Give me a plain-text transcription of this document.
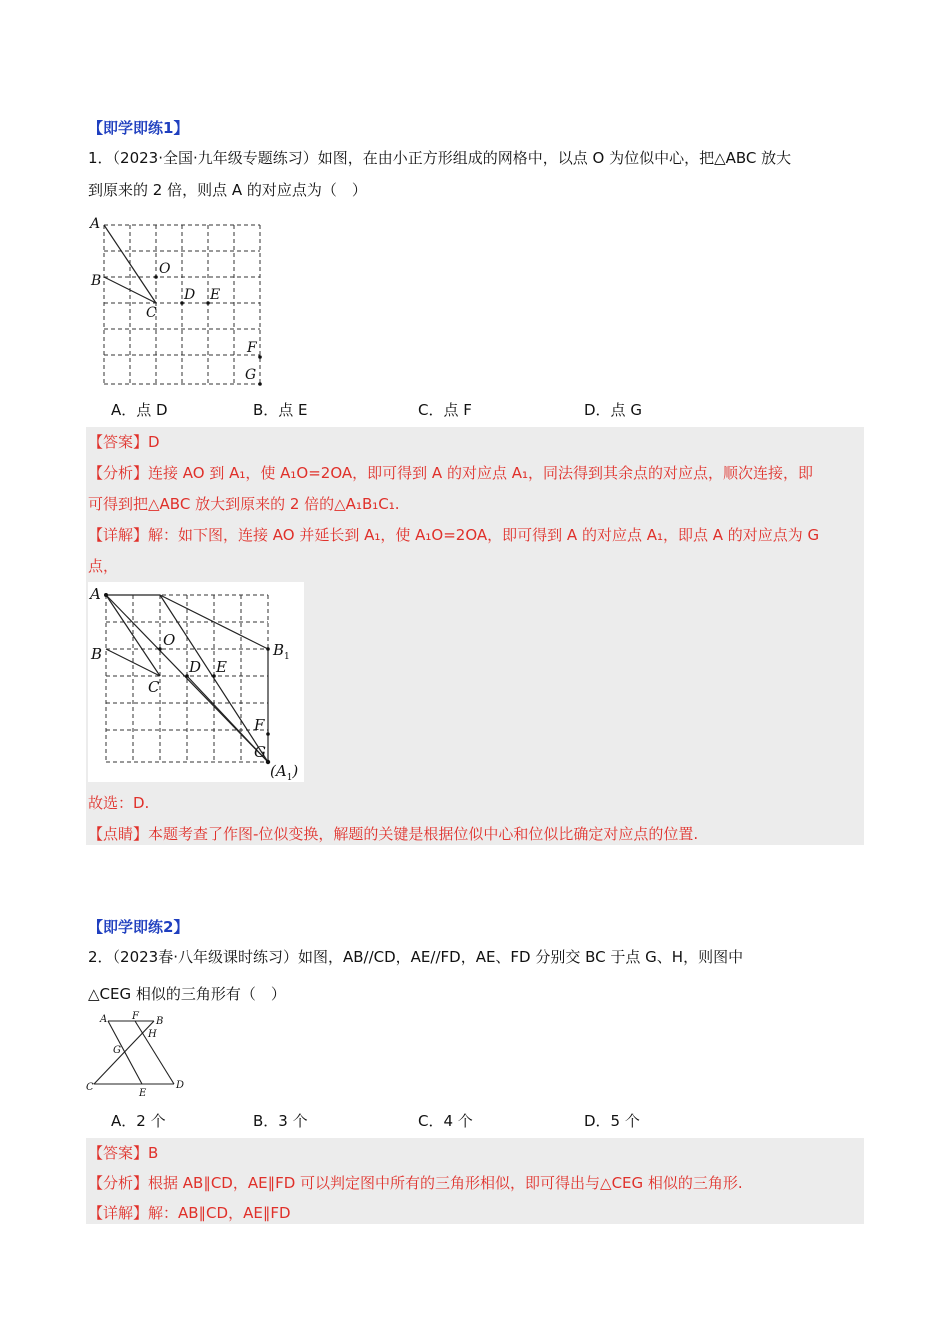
【即学即练1】
1．（2023·全国·九年级专题练习）如图，在由小正方形组成的网格中，以点 O 为位似中心，把△ABC 放大
到原来的 2 倍，则点 A 的对应点为（　）
A
B
C
O
D E
F
G
A．点 D	B．点 E	C．点 F	D．点 G
【答案】D
【分析】连接 AO 到 A₁，使 A₁O=2OA，即可得到 A 的对应点 A₁，同法得到其余点的对应点，顺次连接，即
可得到把△ABC 放大到原来的 2 倍的△A₁B₁C₁.
【详解】解：如下图，连接 AO 并延长到 A₁，使 A₁O=2OA，即可得到 A 的对应点 A₁，即点 A 的对应点为 G
点，
A
B
C
O
D E
F
G
$B_1$
$(A_1)$
故选：D.
【点睛】本题考查了作图-位似变换，解题的关键是根据位似中心和位似比确定对应点的位置.
【即学即练2】
2．（2023春·八年级课时练习）如图，AB//CD，AE//FD，AE、FD 分别交 BC 于点 G、H，则图中
△CEG 相似的三角形有（　）
A F B
H
G
C
E
D
A．2 个	B．3 个	C．4 个	D．5 个
【答案】B
【分析】根据 AB∥CD，AE∥FD 可以判定图中所有的三角形相似，即可得出与△CEG 相似的三角形.
【详解】解：AB∥CD，AE∥FD
